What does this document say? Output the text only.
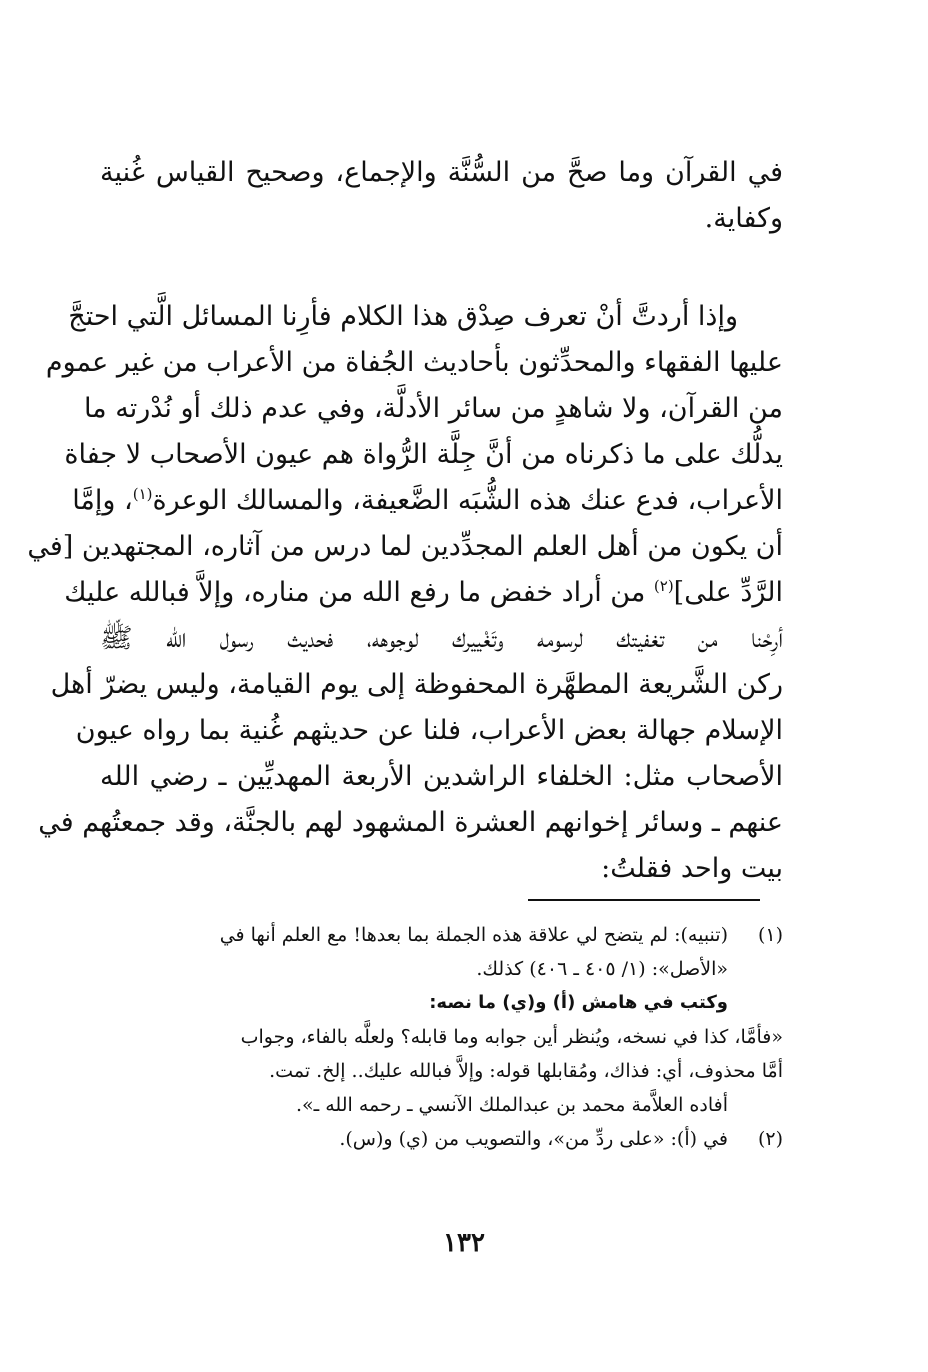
في القرآن وما صحَّ من السُّنَّة والإجماع، وصحيح القياس غُنية
وكفاية.
وإذا أردتَّ أنْ تعرف صِدْق هذا الكلام فأرِنا المسائل الَّتي احتجَّ
عليها الفقهاء والمحدِّثون بأحاديث الجُفاة من الأعراب من غير عموم
من القرآن، ولا شاهدٍ من سائر الأدلَّة، وفي عدم ذلك أو نُدْرته ما
يدلُّك على ما ذكرناه من أنَّ جِلَّة الرُّواة هم عيون الأصحاب لا جفاة
الأعراب، فدع عنك هذه الشُّبَه الضَّعيفة، والمسالك الوعرة$^{(١)}$، وإمَّا
أن يكون من أهل العلم المجدِّدين لما درس من آثاره، المجتهدين [في
الرَّدِّ على]$^{(٢)}$ من أراد خفض ما رفع الله من مناره، وإلاَّ فبالله عليك
أرِحْنا من تغفيتك لرسومه وتَغْييرك لوجوهه، فحديث رسول الله ﷺ
ركن الشَّريعة المطهَّرة المحفوظة إلى يوم القيامة، وليس يضرّ أهل
الإسلام جهالة بعض الأعراب، فلنا عن حديثهم غُنية بما رواه عيون
الأصحاب مثل: الخلفاء الراشدين الأربعة المهديِّين ـ رضي الله
عنهم ـ وسائر إخوانهم العشرة المشهود لهم بالجنَّة، وقد جمعتُهم في
بيت واحد فقلتُ:
(١)
(تنبيه): لم يتضح لي علاقة هذه الجملة بما بعدها! مع العلم أنها في
«الأصل»: (١/ ٤٠٥ ـ ٤٠٦) كذلك.
وكتب في هامش (أ) و(ي) ما نصه:
«فأمَّا، كذا في نسخه، ويُنظر أين جوابه وما قابله؟ ولعلَّه بالفاء، وجواب
أمَّا محذوف، أي: فذاك، ومُقابلها قوله: وإلاَّ فبالله عليك.. إلخ. تمت.
أفاده العلاَّمة محمد بن عبدالملك الآنسي ـ رحمه الله ـ».
(٢)
في (أ): «على ردِّ من»، والتصويب من (ي) و(س).
١٣٢
